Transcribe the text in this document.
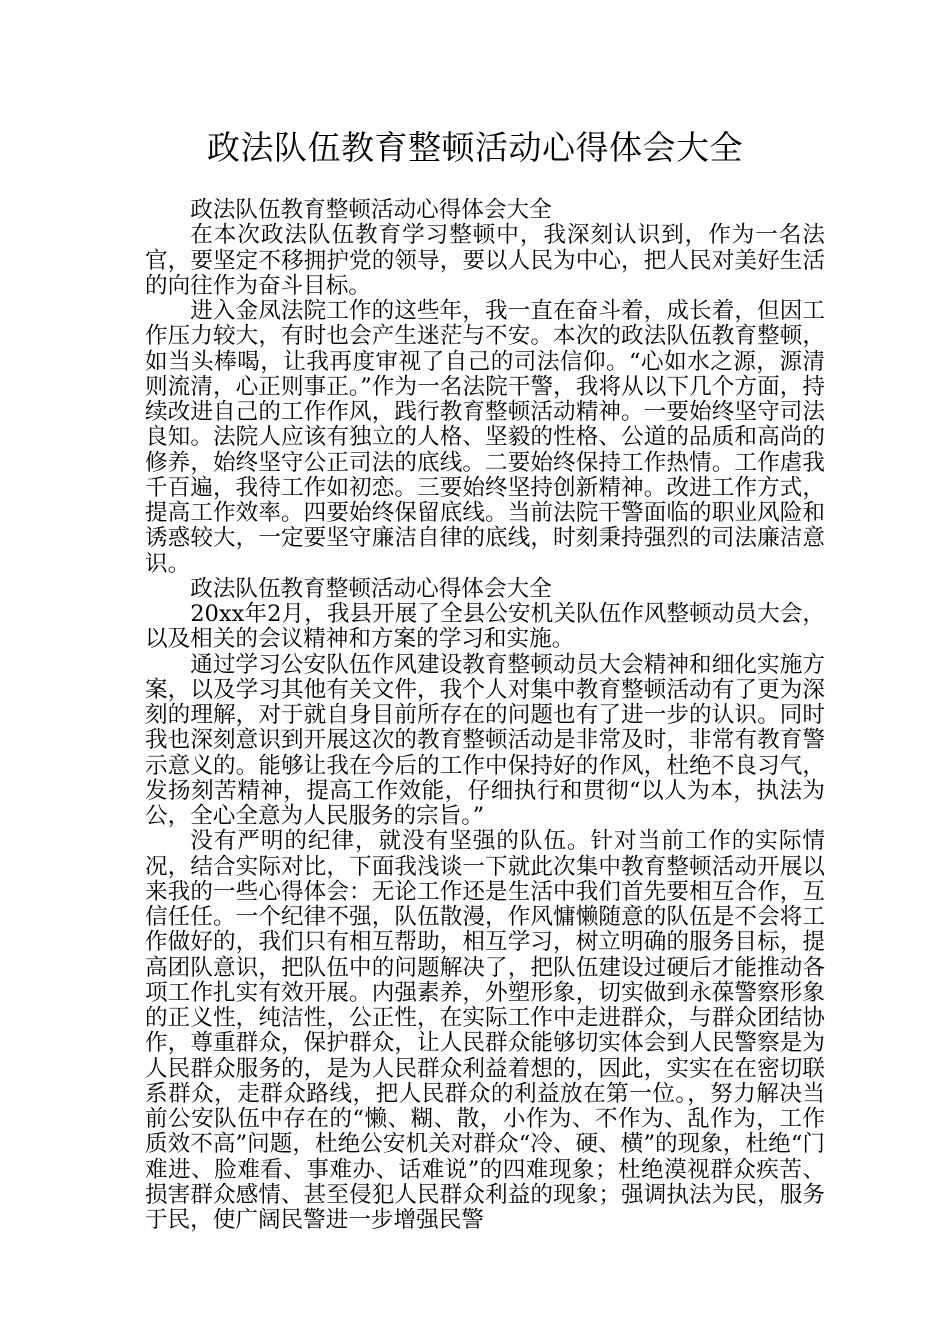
政法队伍教育整顿活动心得体会大全

政法队伍教育整顿活动心得体会大全

在本次政法队伍教育学习整顿中，我深刻认识到，作为一名法官，要坚定不移拥护党的领导，要以人民为中心，把人民对美好生活的向往作为奋斗目标。

进入金凤法院工作的这些年，我一直在奋斗着，成长着，但因工作压力较大，有时也会产生迷茫与不安。本次的政法队伍教育整顿，如当头棒喝，让我再度审视了自己的司法信仰。“心如水之源，源清则流清，心正则事正。”作为一名法院干警，我将从以下几个方面，持续改进自己的工作作风，践行教育整顿活动精神。一要始终坚守司法良知。法院人应该有独立的人格、坚毅的性格、公道的品质和高尚的修养，始终坚守公正司法的底线。二要始终保持工作热情。工作虐我千百遍，我待工作如初恋。三要始终坚持创新精神。改进工作方式，提高工作效率。四要始终保留底线。当前法院干警面临的职业风险和诱惑较大，一定要坚守廉洁自律的底线，时刻秉持强烈的司法廉洁意识。

政法队伍教育整顿活动心得体会大全

20xx年2月，我县开展了全县公安机关队伍作风整顿动员大会，以及相关的会议精神和方案的学习和实施。

通过学习公安队伍作风建设教育整顿动员大会精神和细化实施方案，以及学习其他有关文件，我个人对集中教育整顿活动有了更为深刻的理解，对于就自身目前所存在的问题也有了进一步的认识。同时我也深刻意识到开展这次的教育整顿活动是非常及时，非常有教育警示意义的。能够让我在今后的工作中保持好的作风，杜绝不良习气，发扬刻苦精神，提高工作效能，仔细执行和贯彻“以人为本，执法为公，全心全意为人民服务的宗旨。”

没有严明的纪律，就没有坚强的队伍。针对当前工作的实际情况，结合实际对比，下面我浅谈一下就此次集中教育整顿活动开展以来我的一些心得体会：无论工作还是生活中我们首先要相互合作，互信任任。一个纪律不强，队伍散漫，作风慵懒随意的队伍是不会将工作做好的，我们只有相互帮助，相互学习，树立明确的服务目标，提高团队意识，把队伍中的问题解决了，把队伍建设过硬后才能推动各项工作扎实有效开展。内强素养，外塑形象，切实做到永葆警察形象的正义性，纯洁性，公正性，在实际工作中走进群众，与群众团结协作，尊重群众，保护群众，让人民群众能够切实体会到人民警察是为人民群众服务的，是为人民群众利益着想的，因此，实实在在密切联系群众，走群众路线，把人民群众的利益放在第一位。，努力解决当前公安队伍中存在的“懒、糊、散，小作为、不作为、乱作为，工作质效不高”问题，杜绝公安机关对群众“冷、硬、横”的现象，杜绝“门难进、脸难看、事难办、话难说”的四难现象；杜绝漠视群众疾苦、损害群众感情、甚至侵犯人民群众利益的现象；强调执法为民，服务于民，使广阔民警进一步增强民警
